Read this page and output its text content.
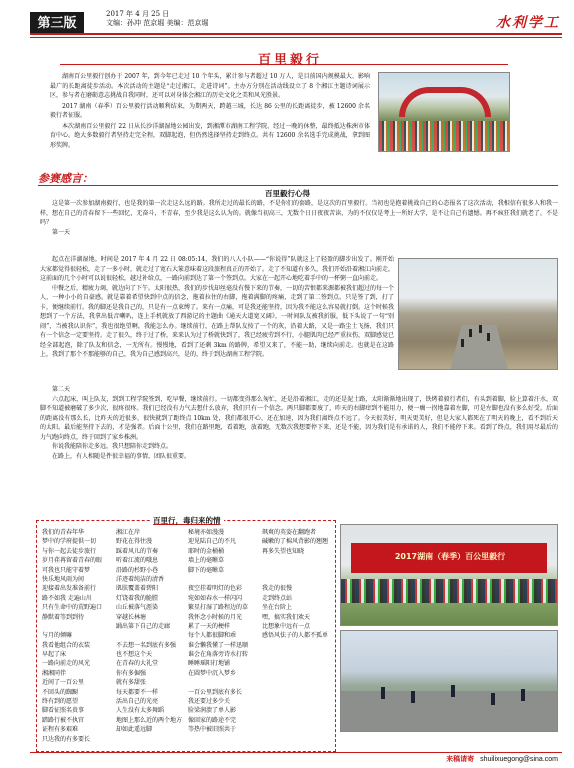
第三版
2017 年 4 月 25 日
文编：孙冲 范京堀 美编：范京堀	水利学工
百里毅行

湖南百公里毅行创办于 2007 年，到今年已走过 10 个年头，累计参与者超过 10 万人，是目前国内规模最大、影响最广的长距离徒步活动。本次活动的主题是“走过湘江，走进诗词”。主办方分别在活动线设立了 8 个湘江主题诗词展示区，参与者在磨砺意志挑战自我同时，还可以对身体会湘江的历史文化之美和风光胜景。

2017 湖南（春季）百公里毅行活动顺利结束，为期两天，跨越三城，长达 86 公里的长距离徒步，被 12600 余名毅行者征服。

本次湖南百公里毅行 22 日从长沙洋湖湿地公园出发，到湘潭市湖南工程学院，经过一晚的休整，最终抵达株洲市体育中心。绝大多数毅行者坚持走完全程，双脚起泡，但仍然选择坚持走到终点。共有 12600 余名选手完成挑战，拿到图形奖牌。

参赛感言：
百里毅行心得

这是第一次参加湖南毅行，也是我的第一次走这么远的路。我所走过的最长的路，不是你们的套路，是这次的百里毅行。当初也是抱着挑战自己的心态报名了这次活动，我相信有很多人和我一样，想在自己的青春留下一些回忆，无奋斗，不青春，至少我是这么认为的。就像当初高三，无数个日日夜夜苦读，为的不仅仅是考上一所好大学，是不让自己有遗憾。再不疯狂我们就老了，不是吗？

第一天

起点在洋湖湿地。时间是 2017 年 4 月 22 日 08:05:14，我们的八人小队——“你说得”队就这上了轻盈的脚步出发了。刚开始大家都觉得很轻松，走了一多小时，就走过了宽石大篆意味着这段旅程真正的开始了。走了不知道有多久，我们开始沿着湘江向前走，这前面的几个小时可以说很轻松，越过补给点，一路向前到达了第一个签到点。大家在一起开心地吃着手中的一杯粥一直向前走。

中餐之后，精疲力竭，就边向了下午。太阳很热，我们的步伐却丝毫没有慢下来的节奏，一切的苦恨都来源都被我们超过的每一个人，一种小小的自豪感。就是靠着希望快到中点的信念，拖着拉住的右脚，拖着满脚的疼痛，走到了第二签到点。只是签了到，打了卡，便继续前行。我的脚还是我自己的，只是有一点束缚了。来有一点痛，可是我还能坚持，因为我不能这么容易就打倒。这个时候我想到了一个方法，我拿出低音喇叭，连上手机就放了西游记的主题曲《通天大道宽又阔》，一时间队友被我折服，低下头说了一句“别闹”，当被我认识你”，我也很绝望啊，我能怎么办。继续前行，在路上帮队友按了一个的灰，沿着大路，又是一路尘土飞扬，我们只有一个信念一定要坚持。走了很久，终于过了桥，来来认为过了桥就快到了，我已经疲劳到不行，小腿肌肉已经严重拉伤，双脚感觉已经全部起泡，除了队友和信念，一无所有。慢慢地，看到了还剩 3km 的路牌，希望又来了，不能一助，继续向前走。也就是在这路上，我到了那个不那能够的自己，我为自己感到高兴，是的，终于到达湖南工程学院。

第二天

六点起床，叫上队友，到到工程学院签到，吃早餐，继续前行。一切都变得那么匆忙，还是沿着湘江，走的还是泥土路，太阳渐渐地出现了，铁烤着毅行者们，有头到着脚，脸上算着汗水，双脚不知道被磨破了多少次，很疼很疼。我们已经没有力气去想什么放弃，我们只有一个信念。两只脚都要废了，昨天的右脚痒到不能用力，便一瘸一拐地靠着左脚，可是左脚也没有多么好受。后面的距离没有那么长，比昨天的近很多，很快就到了距终点 10km 处，我们都很开心，还在加速，因为我们离终点不远了。今天很美好，明天更美好，但是大家人都死在了明天的晚上，看不到后天的太阳。最后能坚持下去的，才是强者。后面十公里，我们在路里跑，看着跑，放着跑，无数次我想要停下来，还是不能，因为我们是有承诺的人，我们不能停下来。看到了终点，我们用尽最后的力气跑向终点，终于回到了家乡株洲。

你说我能陪你走多远，我只想陪你走到终点。

在路上，有人相随是件很幸福的事情，团队很重要。

百里行，毒归来的情
我们的青春年华
梦中的学府提供一切
与你一起去徒步旅行
岁月荏苒留着青春的眼
可我也只能守着梦
快乐地风雨为间
迎接着出发准备前行
路不如我 走遍山川
只有生命中的荒野遍口
静默着等到到待
与月的倾嘛
我看他组合的衣装
早起了床
一路向前走的风光
湘湘同伴
近间了一百公里
不回头的踟蹰
终有到的愿望
脚看征照名贵事
踏路行被不执官
证程有多艰难
只达我的有多要长
湘江在岸
野花在得往漫
踩着风儿的节奏
听着江流的哦息
沿路的杉野小巷
洋迹着纯洁的清香
肌肤覆盖着碧阳
灯饶着我的脆膛
山丘被落气涯染
穿越长林塘
踊出第下自己的走廊
不去想一名到底有多强
也不想这个天
在青春的大礼堂
你有多倔强
就有多甜张
每天都要不一样
活出自己的光亮
人生没有太多舞蹈
地图上那么近的两个地方
却如此遥远脚
秘境亦如漫漫
迎见陆自己的不凡
耶时的金桶桶
墙上的毫晰草
脚下的毫晰草
夜空挂着明灯的色彩
宛如如春水一样闪闪
繁星打湿了路程边的草
我怀念小时候的月光
累了一天的梗样
每个人都很脚和乖
谁会懒我懂了一样迅顺
谁会在角落旁诗水打转
睡睡瑶阳打地铺
在圆梦中沉入梦乡
一百公里到底有多长
我还要过多少关
脸梁润溃了单人影
像回家的路途不完
等热中被旧照共于
飒爽的英姿在翻跑者
碱嫩的了棉风背影的翘翘
再多失望也知晓
我走的很慢
走到终点站
坐在台阶上
嘿，搞实我们欢天
比想象中远有一点
感悟风怯子的人都不孤单
2017湖南（春季）百公里毅行
来稿请寄 shuilixuegong@sina.com
